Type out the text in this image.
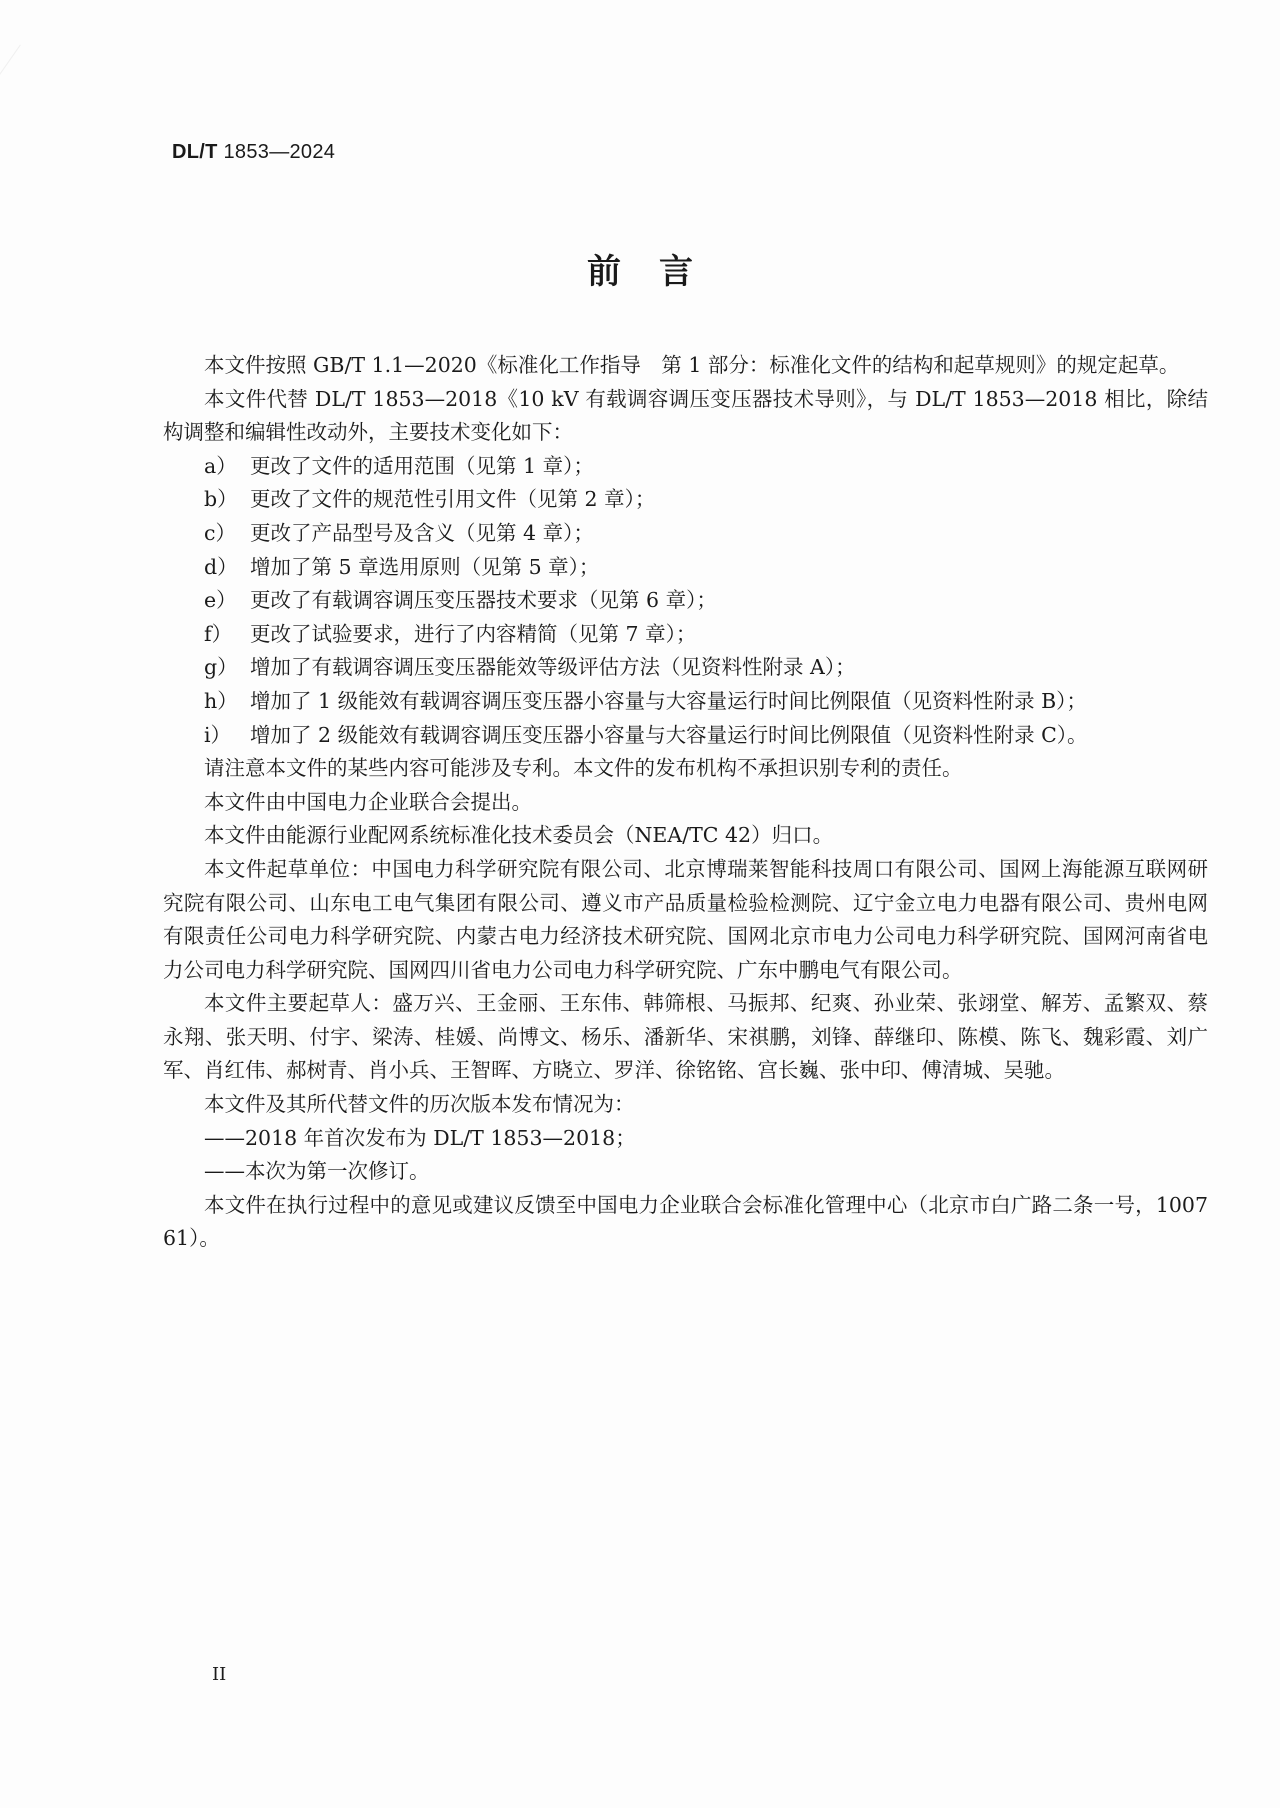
DL/T 1853—2024
前言

本文件按照 GB/T 1.1—2020《标准化工作指导　第 1 部分：标准化文件的结构和起草规则》的规定起草。

本文件代替 DL/T 1853—2018《10 kV 有载调容调压变压器技术导则》，与 DL/T 1853—2018 相比，除结构调整和编辑性改动外，主要技术变化如下：

a） 更改了文件的适用范围（见第 1 章）；

b） 更改了文件的规范性引用文件（见第 2 章）；

c） 更改了产品型号及含义（见第 4 章）；

d） 增加了第 5 章选用原则（见第 5 章）；

e） 更改了有载调容调压变压器技术要求（见第 6 章）；

f） 更改了试验要求，进行了内容精简（见第 7 章）；

g） 增加了有载调容调压变压器能效等级评估方法（见资料性附录 A）；

h） 增加了 1 级能效有载调容调压变压器小容量与大容量运行时间比例限值（见资料性附录 B）；

i） 增加了 2 级能效有载调容调压变压器小容量与大容量运行时间比例限值（见资料性附录 C）。

请注意本文件的某些内容可能涉及专利。本文件的发布机构不承担识别专利的责任。

本文件由中国电力企业联合会提出。

本文件由能源行业配网系统标准化技术委员会（NEA/TC 42）归口。

本文件起草单位：中国电力科学研究院有限公司、北京博瑞莱智能科技周口有限公司、国网上海能源互联网研究院有限公司、山东电工电气集团有限公司、遵义市产品质量检验检测院、辽宁金立电力电器有限公司、贵州电网有限责任公司电力科学研究院、内蒙古电力经济技术研究院、国网北京市电力公司电力科学研究院、国网河南省电力公司电力科学研究院、国网四川省电力公司电力科学研究院、广东中鹏电气有限公司。

本文件主要起草人：盛万兴、王金丽、王东伟、韩筛根、马振邦、纪爽、孙业荣、张翊堂、解芳、孟繁双、蔡永翔、张天明、付宇、梁涛、桂媛、尚博文、杨乐、潘新华、宋祺鹏，刘锋、薛继印、陈模、陈飞、魏彩霞、刘广军、肖红伟、郝树青、肖小兵、王智晖、方晓立、罗洋、徐铭铭、宫长巍、张中印、傅清城、吴驰。

本文件及其所代替文件的历次版本发布情况为：

——2018 年首次发布为 DL/T 1853—2018；

——本次为第一次修订。

本文件在执行过程中的意见或建议反馈至中国电力企业联合会标准化管理中心（北京市白广路二条一号，100761）。

II
